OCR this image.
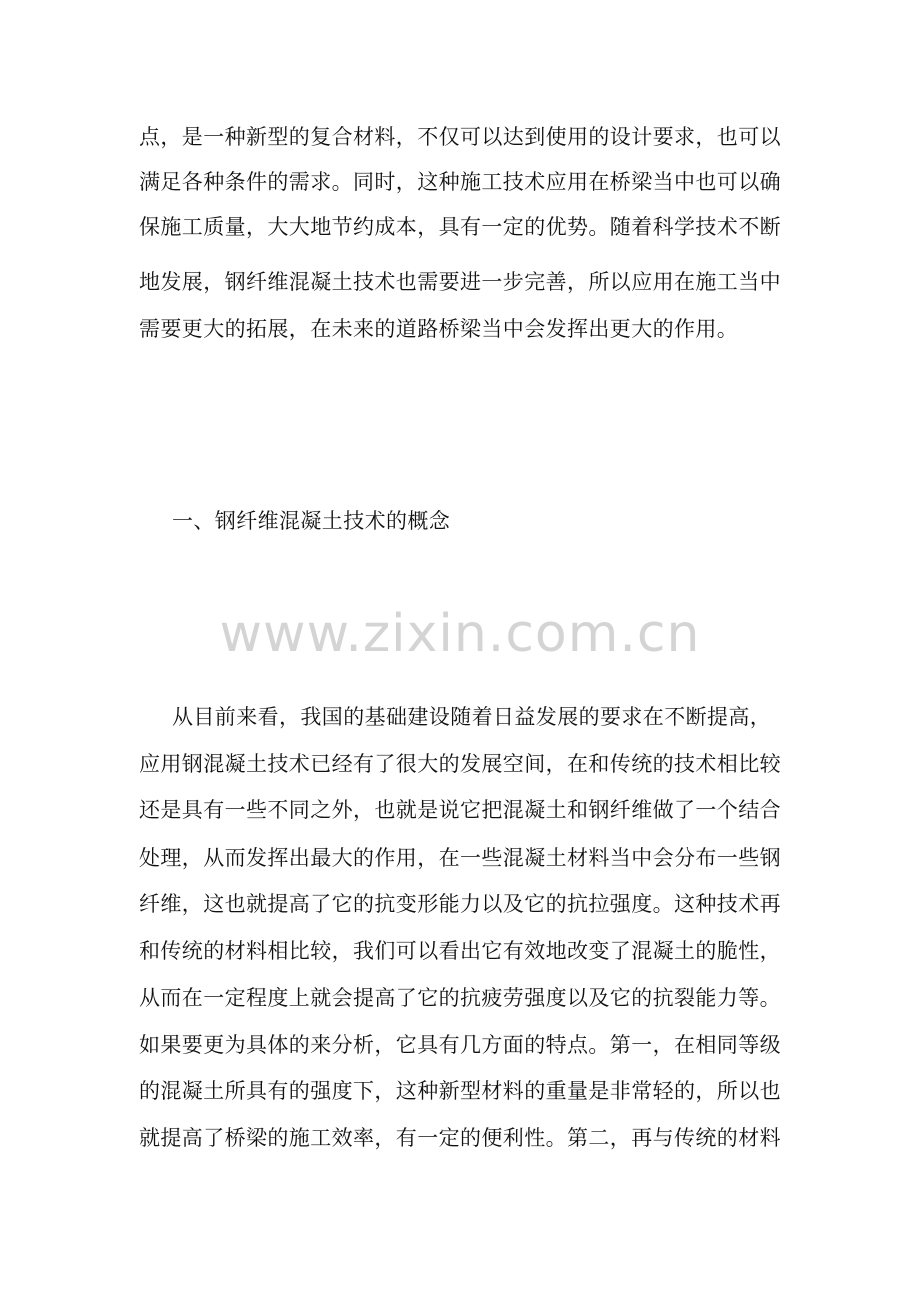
点，是一种新型的复合材料，不仅可以达到使用的设计要求，也可以
满足各种条件的需求。同时，这种施工技术应用在桥梁当中也可以确
保施工质量，大大地节约成本，具有一定的优势。随着科学技术不断
地发展，钢纤维混凝土技术也需要进一步完善，所以应用在施工当中
需要更大的拓展，在未来的道路桥梁当中会发挥出更大的作用。
一、钢纤维混凝土技术的概念
www.zixin.com.cn
从目前来看，我国的基础建设随着日益发展的要求在不断提高，
应用钢混凝土技术已经有了很大的发展空间，在和传统的技术相比较
还是具有一些不同之外，也就是说它把混凝土和钢纤维做了一个结合
处理，从而发挥出最大的作用，在一些混凝土材料当中会分布一些钢
纤维，这也就提高了它的抗变形能力以及它的抗拉强度。这种技术再
和传统的材料相比较，我们可以看出它有效地改变了混凝土的脆性，
从而在一定程度上就会提高了它的抗疲劳强度以及它的抗裂能力等。
如果要更为具体的来分析，它具有几方面的特点。第一，在相同等级
的混凝土所具有的强度下，这种新型材料的重量是非常轻的，所以也
就提高了桥梁的施工效率，有一定的便利性。第二，再与传统的材料
